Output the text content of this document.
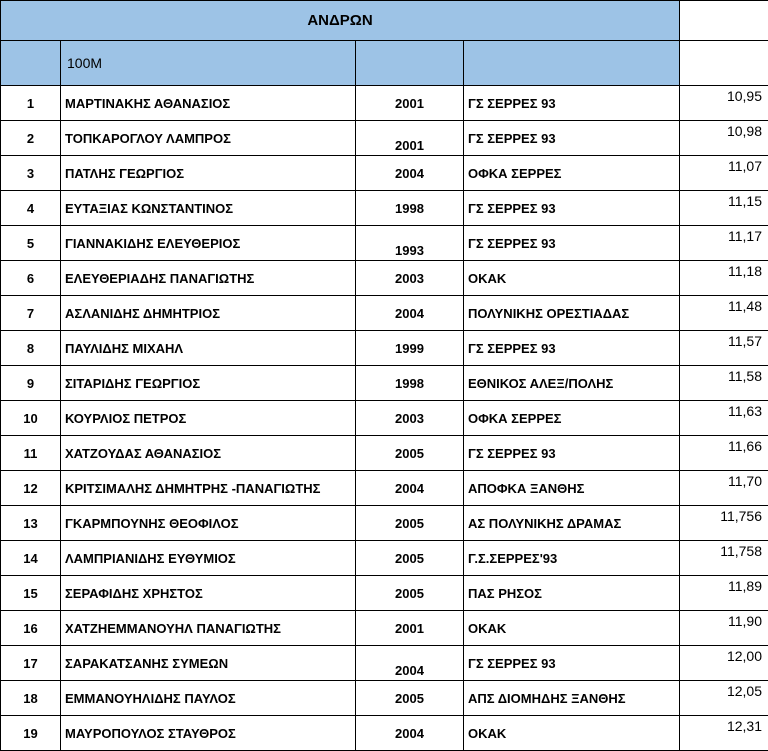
ΑΝΔΡΩΝ				
	100Μ			
1	ΜΑΡΤΙΝΑΚΗΣ ΑΘΑΝΑΣΙΟΣ	2001	ΓΣ ΣΕΡΡΕΣ 93	10,95
2	ΤΟΠΚΑΡΟΓΛΟΥ ΛΑΜΠΡΟΣ	2001	ΓΣ ΣΕΡΡΕΣ 93	10,98
3	ΠΑΤΛΗΣ ΓΕΩΡΓΙΟΣ	2004	ΟΦΚΑ ΣΕΡΡΕΣ	11,07
4	ΕΥΤΑΞΙΑΣ ΚΩΝΣΤΑΝΤΙΝΟΣ	1998	ΓΣ ΣΕΡΡΕΣ 93	11,15
5	ΓΙΑΝΝΑΚΙΔΗΣ ΕΛΕΥΘΕΡΙΟΣ	1993	ΓΣ ΣΕΡΡΕΣ 93	11,17
6	ΕΛΕΥΘΕΡΙΑΔΗΣ ΠΑΝΑΓΙΩΤΗΣ	2003	ΟΚΑΚ	11,18
7	ΑΣΛΑΝΙΔΗΣ ΔΗΜΗΤΡΙΟΣ	2004	ΠΟΛΥΝΙΚΗΣ ΟΡΕΣΤΙΑΔΑΣ	11,48
8	ΠΑΥΛΙΔΗΣ ΜΙΧΑΗΛ	1999	ΓΣ ΣΕΡΡΕΣ 93	11,57
9	ΣΙΤΑΡΙΔΗΣ ΓΕΩΡΓΙΟΣ	1998	ΕΘΝΙΚΟΣ ΑΛΕΞ/ΠΟΛΗΣ	11,58
10	ΚΟΥΡΛΙΟΣ ΠΕΤΡΟΣ	2003	ΟΦΚΑ ΣΕΡΡΕΣ	11,63
11	ΧΑΤΖΟΥΔΑΣ ΑΘΑΝΑΣΙΟΣ	2005	ΓΣ ΣΕΡΡΕΣ 93	11,66
12	ΚΡΙΤΣΙΜΑΛΗΣ ΔΗΜΗΤΡΗΣ -ΠΑΝΑΓΙΩΤΗΣ	2004	ΑΠΟΦΚΑ ΞΑΝΘΗΣ	11,70
13	ΓΚΑΡΜΠΟΥΝΗΣ ΘΕΟΦΙΛΟΣ	2005	ΑΣ ΠΟΛΥΝΙΚΗΣ ΔΡΑΜΑΣ	11,756
14	ΛΑΜΠΡΙΑΝΙΔΗΣ ΕΥΘΥΜΙΟΣ	2005	Γ.Σ.ΣΕΡΡΕΣ'93	11,758
15	ΣΕΡΑΦΙΔΗΣ ΧΡΗΣΤΟΣ	2005	ΠΑΣ ΡΗΣΟΣ	11,89
16	ΧΑΤΖΗΕΜΜΑΝΟΥΗΛ ΠΑΝΑΓΙΩΤΗΣ	2001	ΟΚΑΚ	11,90
17	ΣΑΡΑΚΑΤΣΑΝΗΣ ΣΥΜΕΩΝ	2004	ΓΣ ΣΕΡΡΕΣ 93	12,00
18	ΕΜΜΑΝΟΥΗΛΙΔΗΣ ΠΑΥΛΟΣ	2005	ΑΠΣ ΔΙΟΜΗΔΗΣ ΞΑΝΘΗΣ	12,05
19	ΜΑΥΡΟΠΟΥΛΟΣ ΣΤΑΥΘΡΟΣ	2004	ΟΚΑΚ	12,31
